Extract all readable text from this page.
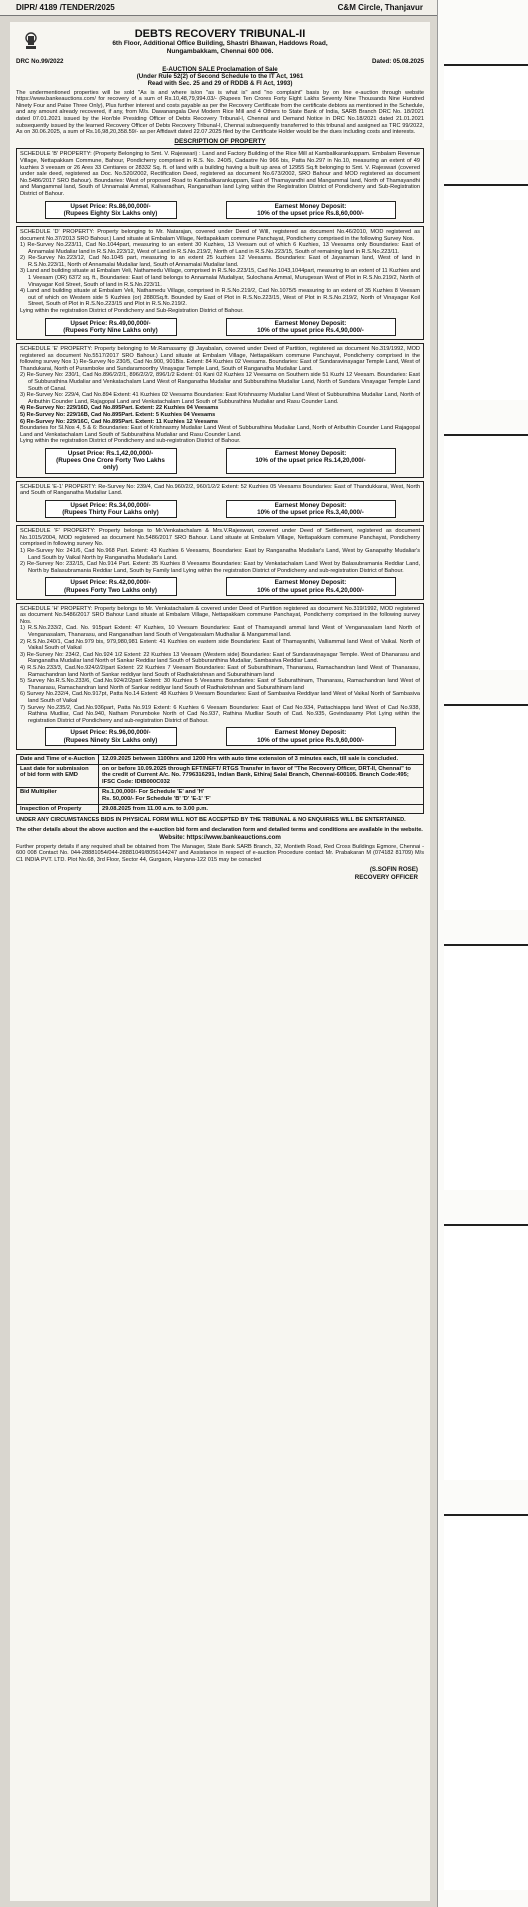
DIPR/ 4189 /TENDER/2025	C&M Circle, Thanjavur
DEBTS RECOVERY TRIBUNAL-II
6th Floor, Additional Office Building, Shastri Bhawan, Haddows Road,
Nungambakkam, Chennai 600 006.
DRC No.99/2022	Dated: 05.08.2025
E-AUCTION SALE Proclamation of Sale
(Under Rule 52(2) of Second Schedule to the IT Act, 1961
Read with Sec. 25 and 29 of RDDB & FI Act, 1993)

The undermentioned properties will be sold "As is and where is/on "as is what is" and "no complaint" basis by on line e-auction through website https://www.bankeauctions.com/ for recovery of a sum of Rs.10,48,79,994.03/- (Rupees Ten Crores Forty Eight Lakhs Seventy Nine Thousands Nine Hundred Ninety Four and Paise Three Only), Plus further interest and costs payable as per the Recovery Certificate from the certificate debtors as mentioned in the Schedule, and any amount already recovered, if any, from M/s. Dawanangala Devi Modern Rice Mill and 4 Others to State Bank of India, SARB Branch DRC No. 18/2021 dated 07.01.2021 issued by the Hon'ble Presiding Officer of Debts Recovery Tribunal-I, Chennai and Demand Notice in DRC No.18/2021 dated 21.01.2021 subsequently issued by the learned Recovery Officer of Debts Recovery Tribunal-I, Chennai subsequently transferred to this tribunal and assigned as TRC 99/2022, As on 30.06.2025, a sum of Rs.16,98,20,358.59/- as per Affidavit dated 22.07.2025 filed by the Certificate Holder would be the dues including costs and interests.

DESCRIPTION OF PROPERTY

SCHEDULE 'B' PROPERTY: (Property Belonging to Smt. V. Rajeswari) : Land and Factory Building of the Rice Mill at Kambalikarankuppam. Embalam Revenue Village, Nettapakkam Commune, Bahour, Pondicherry comprised in R.S. No. 240/5, Cadastre No 966 bis, Patta No.297 in No.10, measuring an extent of 49 kuzhies 3 veesam or 26 Ares 33 Centiares or 28332 Sq. ft. of land with a building having a built up area of 12955 Sq.ft belonging to Smt. V. Rajeswari (covered under sale deed, registered as Doc. No.520/2002, Rectification Deed, registered as document No.673/2002, SRO Bahour and MOD registered as document No.5486/2017 SRO Bahour). Boundaries: West of proposed Road to Kambalikarankuppam, East of Thamayandhi and Mangammal land, North of Thamayandhi and Mangammal land, South of Unnamalai Ammal, Kalivaradhan, Ranganathan land Lying within the Registration District of Pondicherry and Sub-Registration District of Bahour.

Upset Price: Rs.86,00,000/-
(Rupees Eighty Six Lakhs only)
Earnest Money Deposit:
10% of the upset price Rs.8,60,000/-

SCHEDULE 'D' PROPERTY: Property belonging to Mr. Natarajan, covered under Deed of Will, registered as document No.46/2010, MOD registered as document No.37/2013 SRO Bahour.) Land situate at Embalam Village, Nettapakkam commune Panchayat, Pondicherry comprised in the following Survey Nos.

1) Re-Survey No.223/11, Cad No.1044part, measuring to an extent 30 Kuzhies, 13 Veesam out of which 6 Kuzhies, 13 Veesams only Boundaries: East of Annamalai Mudaliar land in R.S.No.223/12, West of Land in R.S.No.219/2, North of Land in R.S.No.223/15, South of remaining land in R.S.No.223/11.
2) Re-Survey No.223/12, Cad No.1045 part, measuring to an extent 25 kuzhies 12 Veesams. Boundaries: East of Jayaraman land, West of land in R.S.No.223/11, North of Annamalai Mudaliar land, South of Annamalai Mudaliar land.
3) Land and building situate at Embalam Veli, Nathamedu Village, comprised in R.S.No.223/15, Cad No.1043,1044part, measuring to an extent of 11 Kuzhies and 1 Veesam (OR) 6372 sq. ft., Boundaries: East of land belongs to Annamalai Mudaliyar, Sulochana Ammal, Murugesan West of Plot in R.S.No.219/2, North of Vinayagar Koil Street, South of land in R.S.No.223/11.
4) Land and building situate at Embalam Veli, Nathamedu Village, comprised in R.S.No.219/2, Cad No.1075/5 measuring to an extent of 35 Kuzhies 8 Veesam out of which on Western side 5 Kuzhies (or) 2880Sq.ft. Bounded by East of Plot in R.S.No.223/15, West of Plot in R.S.No.219/2, North of Vinayagar Koil Street, South of Plot in R.S.No.223/15 and Plot in R.S.No.219/2.

Lying within the registration District of Pondicherry and Sub-Registration District of Bahour.

Upset Price: Rs.49,00,000/-
(Rupees Forty Nine Lakhs only)
Earnest Money Deposit:
10% of the upset price Rs.4,90,000/-

SCHEDULE 'E' PROPERTY: Property belonging to Mr.Ramasamy @ Jayabalan, covered under Deed of Partition, registered as document No.319/1992, MOD registered as document No.5517/2017 SRO Bahour.) Land situate at Embalam Village, Nettapakkam commune Panchayat, Pondicherry comprised in the following survey Nos 1) Re-Survey No 230/5, Cad No.900, 901Bis. Extent: 84 Kuzhies 02 Veesams. Boundaries: East of Sundaravinayagar Temple Land, West of Thandukarai, North of Puramboke and Sundaramoorthy Vinayagar Temple Land, South of Ranganatha Mudaliar Land.

2) Re-Survey No: 230/1, Cad No.896/2/2/1, 896/2/2/2, 896/1/2 Extent: 01 Kani 02 Kuzhies 12 Veesams on Southern side 51 Kuzhi 12 Veesam. Boundaries: East of Subburathina Mudaliar and Venkatachalam Land West of Ranganatha Mudaliar and Subburathina Mudaliar Land, North of Sundara Vinayagar Temple Land South of Canal.
3) Re-Survey No: 229/4, Cad No.894 Extent: 41 Kuzhies 02 Veesams Boundaries: East Krishnasmy Mudaliar Land West of Subburathina Mudaliar Land, North of Aributhin Counder Land, Rajagopal Land and Venkatachalam Land South of Subburathina Mudaliar and Rasu Counder Land.
4) Re-Survey No: 229/16D, Cad No.895Part. Extent: 22 Kuzhies 04 Veesams
5) Re-Survey No: 229/16B, Cad No.895Part. Extent: 5 Kuzhies 04 Veesams
6) Re-Survey No: 229/16C, Cad No.895Part. Extent: 11 Kuzhies 12 Veesams

Boundaries for Sl.Nos 4, 5 & 6: Boundaries: East of Krishnasmy Mudaliar Land West of Subburathina Mudaliar Land, North of Aributhin Counder Land Rajagopal Land and Venkatachalam Land South of Subburathina Mudaliar and Rasu Counder Land.

Lying within the registration District of Pondicherry and sub-registration District of Bahour.

Upset Price: Rs.1,42,00,000/-
(Rupees One Crore Forty Two Lakhs only)
Earnest Money Deposit:
10% of the upset price Rs.14,20,000/-

SCHEDULE 'E-1' PROPERTY: Re-Survey No: 239/4, Cad No.960/2/2, 960/1/2/2 Extent: 52 Kuzhies 05 Veesams Boundaries: East of Thandukkarai, West, North and South of Ranganatha Mudaliar Land.

Upset Price: Rs.34,00,000/-
(Rupees Thirty Four Lakhs only)
Earnest Money Deposit:
10% of the upset price Rs.3,40,000/-

SCHEDULE 'F' PROPERTY: Property belongs to Mr.Venkatachalam & Mrs.V.Rajeswari, covered under Deed of Settlement, registered as document No.1015/2004, MOD registered as document No.5486/2017 SRO Bahour. Land situate at Embalam Village, Nettapakkam commune Panchayat, Pondicherry comprised in following survey No.

1) Re-Survey No: 241/6, Cad No.968 Part. Extent: 43 Kuzhies 6 Veesams, Boundaries: East by Ranganatha Mudaliar's Land, West by Ganapathy Mudaliar's Land South by Vaikal North by Ranganatha Mudaliar's Land.
2) Re-Survey No: 232/15, Cad No.914 Part. Extent: 35 Kuzhies 8 Veesams Boundaries: East by Venkatachalam Land West by Balasubramania Reddiar Land, North by Balasubramania Reddiar Land, South by Family land Lying within the registration District of Pondicherry and sub-registration District of Bahour.
Upset Price: Rs.42,00,000/-
(Rupees Forty Two Lakhs only)
Earnest Money Deposit:
10% of the upset price Rs.4,20,000/-

SCHEDULE 'H' PROPERTY: Property belongs to Mr. Venkatachalam & covered under Deed of Partition registered as document No.319/1992, MOD registered as document No.5486/2017 SRO Bahour Land situate at Embalam Village, Nettapakkam commune Panchayat, Pondicherry comprised in the following survey Nos.

1) R.S.No.233/2, Cad. No. 915part Extent: 47 Kuzhies, 10 Veesam Boundaries: East of Thamayandi ammal land West of Venganasalam land North of Venganasalam, Thanarasu, and Ranganathan land South of Vengatesalam Mudhaliar & Mangammal land.
2) R.S.No.240/1, Cad.No.979 bis, 979,980,981 Extent: 41 Kuzhies on eastern side Boundaries: East of Thamayanthi, Valliammal land West of Vaikal. North of Vaikal South of Vaikal
3) Re-Survey No: 234/2, Cad No.924 1/2 Extent: 22 Kuzhies 13 Veesam (Western side) Boundaries: East of Sundaravinayagar Temple. West of Dhanarasu and Ranganatha Mudaliar land North of Sankar Reddiar land South of Subburanthina Mudaliar, Sambasiva Reddiar Land.
4) R.S.No.233/3, Cad.No.924/2/2/part Extent: 22 Kuzhies 7 Veesam Boundaries: East of Suburathinam, Thanarasu, Ramachandran land West of Thanarasu, Ramachandran land North of Sankar reddiyar land South of Radhakrishnan and Suburathinam land
5) Survey No.R.S.No.233/6, Cad.No.924/2/2part Extent: 30 Kuzhies 5 Veesams Boundaries: East of Suburathinam, Thanarasu, Ramachandran land West of Thanarasu, Ramachandran land North of Sankar reddiyar land South of Radhakrishnan and Suburathinam land
6) Survey No.232/4, Cad.No.917pt, Patta No.14 Extent: 48 Kuzhies 9 Veesam Boundaries: East of Sambasiva Reddiyar land West of Vaikal North of Sambasiva land South of Vaikal
7) Survey No.235/2, Cad.No.936part, Patta No.919 Extent: 6 Kuzhies 6 Veesam Boundaries: East of Cad No.934, Pattachiappa land West of Cad No.938, Rathina Mudliar, Cad No.940, Natham Porumboke North of Cad No.937, Rathina Mudliar South of Cad. No.935, Govindasamy Plot Lying within the registration District of Pondicherry and sub-registration District of Bahour.
Upset Price: Rs.96,00,000/-
(Rupees Ninety Six Lakhs only)
Earnest Money Deposit:
10% of the upset price Rs.9,60,000/-
Date and Time of e-Auction	12.09.2025 between 1100hrs and 1200 Hrs with auto time extension of 3 minutes each, till sale is concluded.
Last date for submission of bid form with EMD	on or before 10.09.2025 through EFT/NEFT/ RTGS Transfer in favor of "The Recovery Officer, DRT-II, Chennai" to the credit of Current A/c. No. 7796316291, Indian Bank, Ethiraj Salai Branch, Chennai-600105. Branch Code:495; IFSC Code: IDIB000C032
Bid Multiplier	Rs.1,00,000/- For Schedule 'E' and 'H'
Rs. 50,000/- For Schedule 'B' 'D' 'E-1' 'F'
Inspection of Property	29.08.2025 from 11.00 a.m. to 3.00 p.m.

UNDER ANY CIRCUMSTANCES BIDS IN PHYSICAL FORM WILL NOT BE ACCEPTED BY THE TRIBUNAL & NO ENQUIRIES WILL BE ENTERTAINED.

The other details about the above auction and the e-auction bid form and declaration form and detailed terms and conditions are available in the website.

Website: https://www.bankeauctions.com

Further property details if any required shall be obtained from The Manager, State Bank SARB Branch, 32, Montieth Road, Red Cross Buildings Egmore, Chennai - 600 008 Contact No. 044-28881054/044-28881049/8056144247 and Assistance in respect of e-auction Procedure contact Mr. Prabakaran M (074182 81709) M/s C1 INDIA PVT. LTD. Plot No.68, 3rd Floor, Sector 44, Gurgaon, Haryana-122 015 may be conacted

(S.SOFIN ROSE)
RECOVERY OFFICER
